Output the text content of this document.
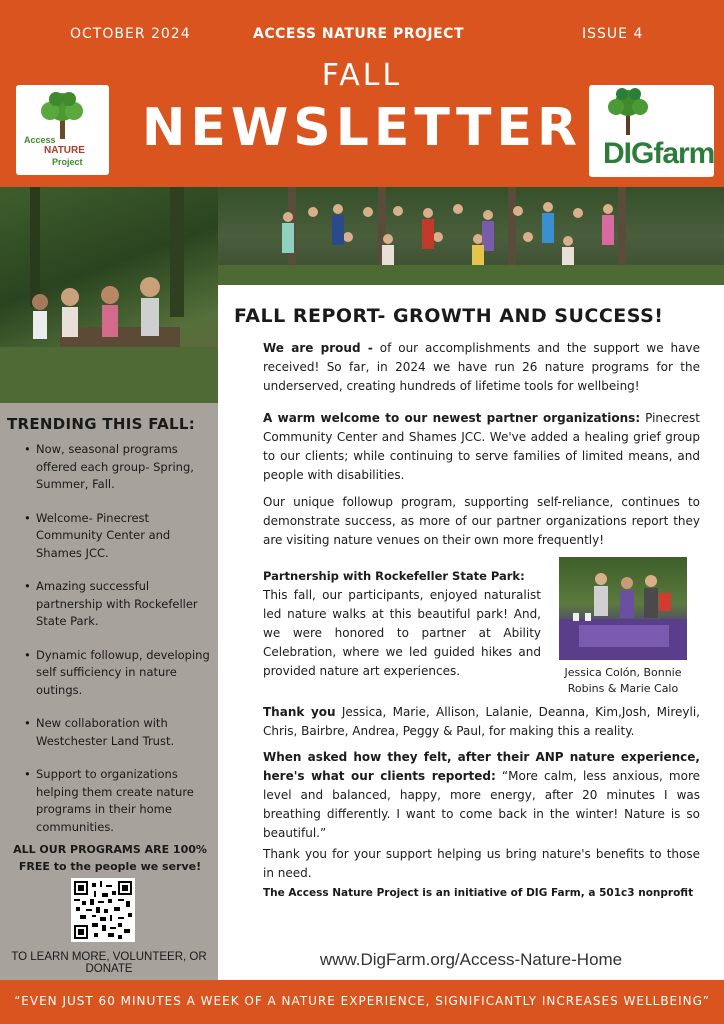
OCTOBER 2024	ACCESS NATURE PROJECT	ISSUE 4
FALL
NEWSLETTER
Access
NATURE
Project	DIGfarm
TRENDING THIS FALL:
• Now, seasonal programs offered each group- Spring, Summer, Fall.
• Welcome- Pinecrest Community Center and Shames JCC.
• Amazing successful partnership with Rockefeller State Park.
• Dynamic followup, developing self sufficiency in nature outings.
• New collaboration with Westchester Land Trust.
• Support to organizations helping them create nature programs in their home communities.
ALL OUR PROGRAMS ARE 100% FREE to the people we serve!
TO LEARN MORE, VOLUNTEER, OR DONATE
FALL REPORT- GROWTH AND SUCCESS!

We are proud - of our accomplishments and the support we have received! So far, in 2024 we have run 26 nature programs for the underserved, creating hundreds of lifetime tools for wellbeing!

A warm welcome to our newest partner organizations: Pinecrest Community Center and Shames JCC. We've added a healing grief group to our clients; while continuing to serve families of limited means, and people with disabilities.

Our unique followup program, supporting self-reliance, continues to demonstrate success, as more of our partner organizations report they are visiting nature venues on their own more frequently!

Partnership with Rockefeller State Park:
This fall, our participants, enjoyed naturalist led nature walks at this beautiful park! And, we were honored to partner at Ability Celebration, where we led guided hikes and provided nature art experiences.	Jessica Colón, Bonnie Robins & Marie Calo

Thank you Jessica, Marie, Allison, Lalanie, Deanna, Kim,Josh, Mireyli, Chris, Bairbre, Andrea, Peggy & Paul, for making this a reality.

When asked how they felt, after their ANP nature experience, here's what our clients reported: “More calm, less anxious, more level and balanced, happy, more energy, after 20 minutes I was breathing differently. I want to come back in the winter! Nature is so beautiful.”

Thank you for your support helping us bring nature's benefits to those in need.

The Access Nature Project is an initiative of DIG Farm, a 501c3 nonprofit
www.DigFarm.org/Access-Nature-Home
“EVEN JUST 60 MINUTES A WEEK OF A NATURE EXPERIENCE, SIGNIFICANTLY INCREASES WELLBEING”
